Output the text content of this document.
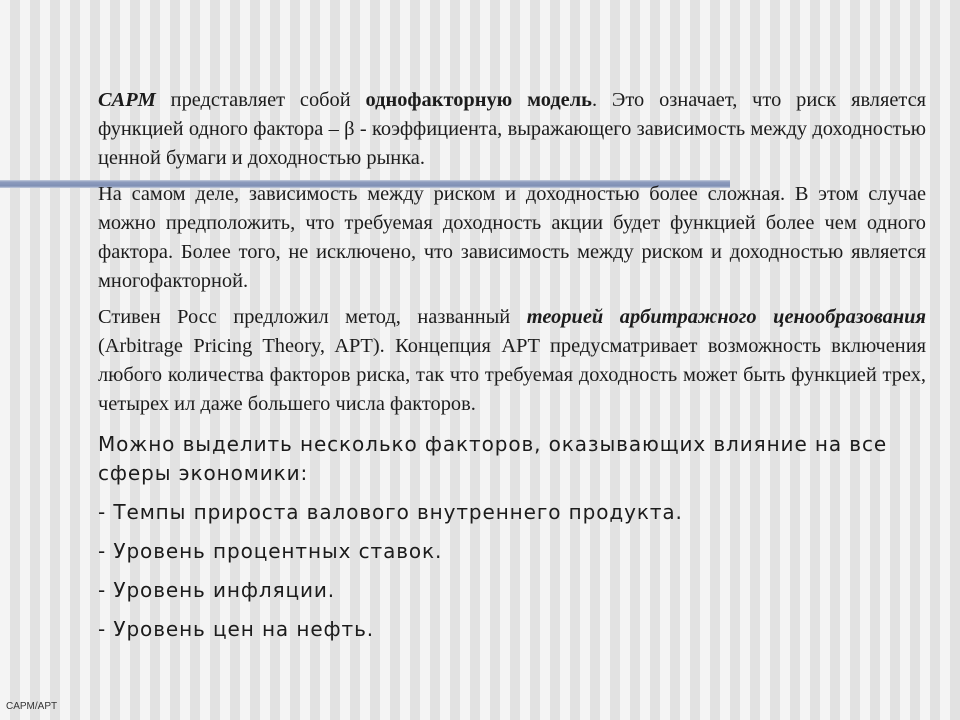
CAPM представляет собой однофакторную модель. Это означает, что риск является функцией одного фактора – β - коэффициента, выражающего зависимость между доходностью ценной бумаги и доходностью рынка.

На самом деле, зависимость между риском и доходностью более сложная. В этом случае можно предположить, что требуемая доходность акции будет функцией более чем одного фактора. Более того, не исключено, что зависимость между риском и доходностью является многофакторной.

Стивен Росс предложил метод, названный теорией арбитражного ценообразования (Arbitrage Pricing Theory, APT). Концепция APT предусматривает возможность включения любого количества факторов риска, так что требуемая доходность может быть функцией трех, четырех ил даже большего числа факторов.

Можно выделить несколько факторов, оказывающих влияние на все сферы экономики:

- Темпы прироста валового внутреннего продукта.

- Уровень процентных ставок.

- Уровень инфляции.

- Уровень цен на нефть.

CAPM/APT
